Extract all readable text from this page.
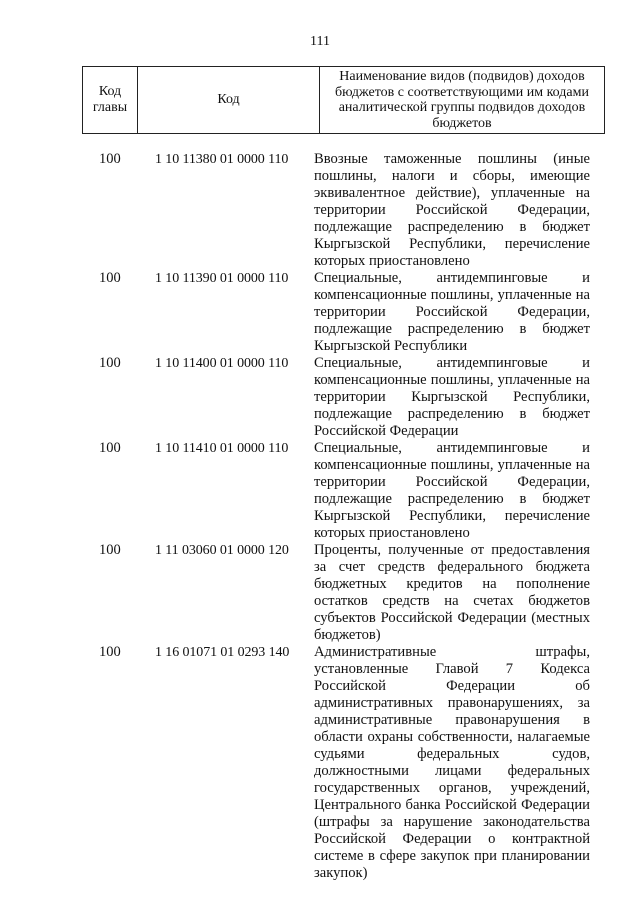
111
Код главы	Код	Наименование видов (подвидов) доходов бюджетов с соответствующими им кодами аналитической группы подвидов доходов бюджетов
100	1 10 11380 01 0000 110	Ввозные таможенные пошлины (иные пошлины, налоги и сборы, имеющие эквивалентное действие), уплаченные на территории Российской Федерации, подлежащие распределению в бюджет Кыргызской Республики, перечисление которых приостановлено
100	1 10 11390 01 0000 110	Специальные, антидемпинговые и компенсационные пошлины, уплаченные на территории Российской Федерации, подлежащие распределению в бюджет Кыргызской Республики
100	1 10 11400 01 0000 110	Специальные, антидемпинговые и компенсационные пошлины, уплаченные на территории Кыргызской Республики, подлежащие распределению в бюджет Российской Федерации
100	1 10 11410 01 0000 110	Специальные, антидемпинговые и компенсационные пошлины, уплаченные на территории Российской Федерации, подлежащие распределению в бюджет Кыргызской Республики, перечисление которых приостановлено
100	1 11 03060 01 0000 120	Проценты, полученные от предоставления за счет средств федерального бюджета бюджетных кредитов на пополнение остатков средств на счетах бюджетов субъектов Российской Федерации (местных бюджетов)
100	1 16 01071 01 0293 140	Административные штрафы, установленные Главой 7 Кодекса Российской Федерации об административных правонарушениях, за административные правонарушения в области охраны собственности, налагаемые судьями федеральных судов, должностными лицами федеральных государственных органов, учреждений, Центрального банка Российской Федерации (штрафы за нарушение законодательства Российской Федерации о контрактной системе в сфере закупок при планировании закупок)
